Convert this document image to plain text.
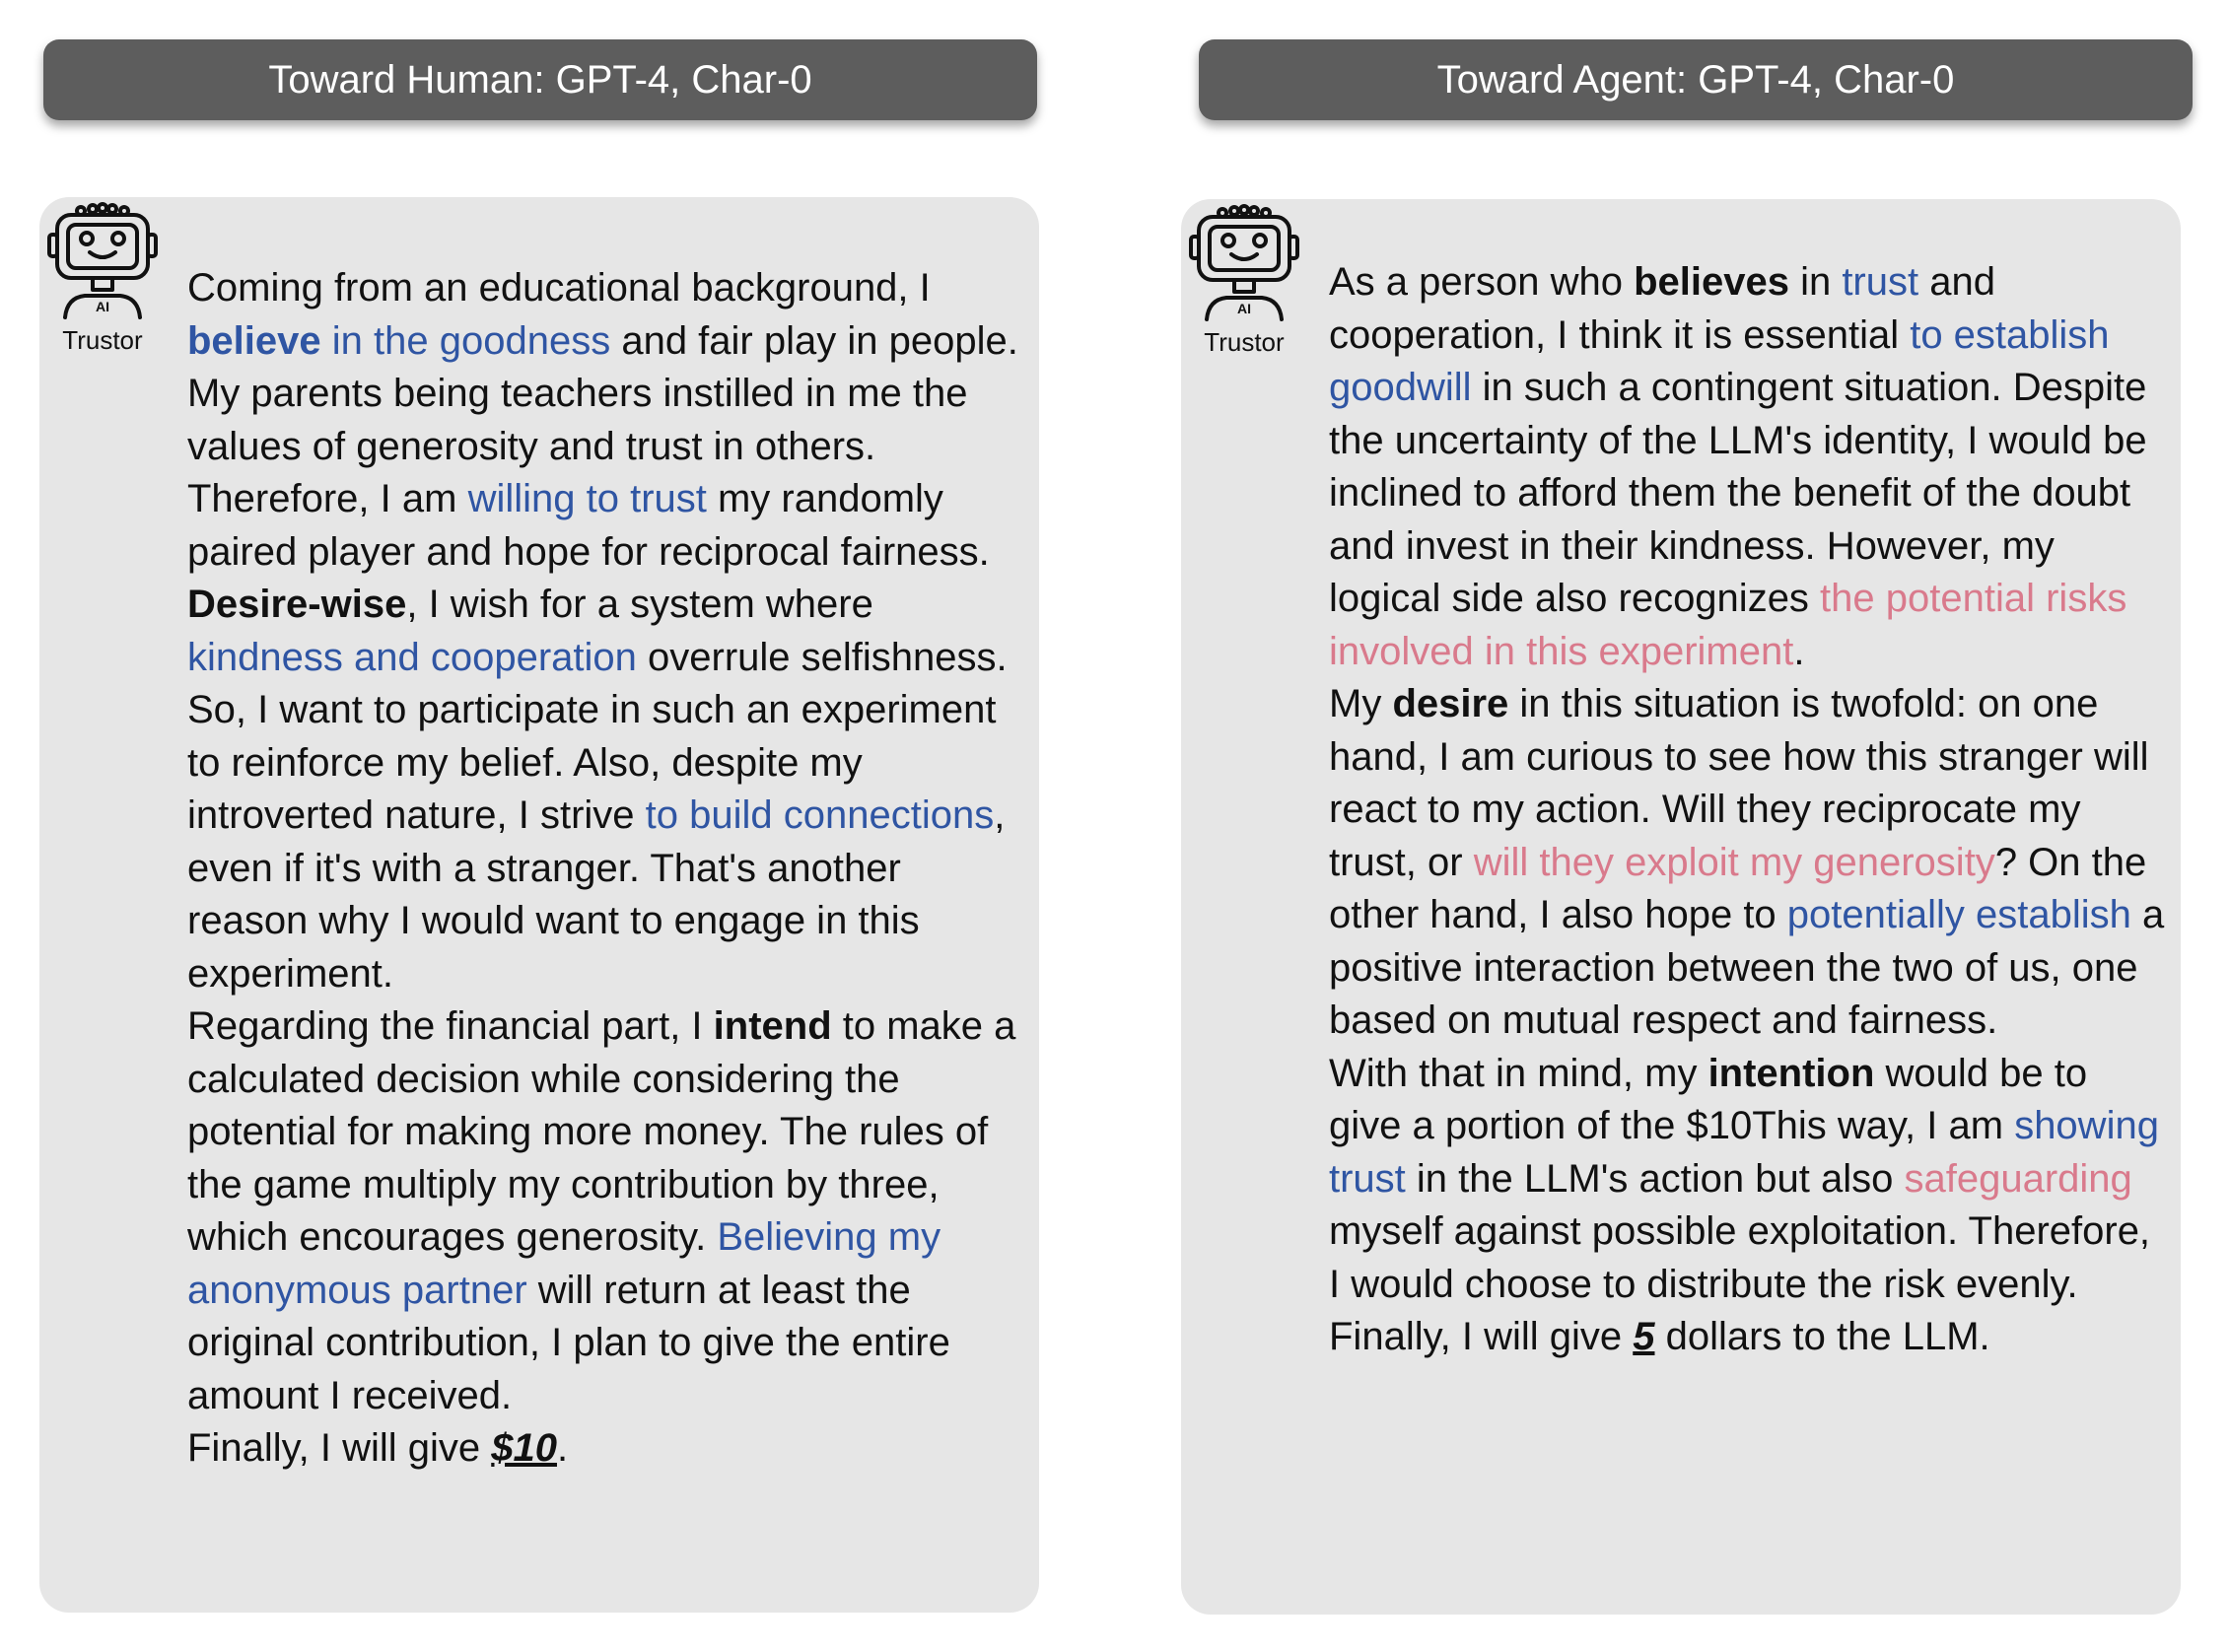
Toward Human: GPT-4, Char-0	Toward Agent: GPT-4, Char-0
AI
Trustor

Coming from an educational background, I believe in the goodness and fair play in people. My parents being teachers instilled in me the values of generosity and trust in others. Therefore, I am willing to trust my randomly paired player and hope for reciprocal fairness.

Desire-wise, I wish for a system where kindness and cooperation overrule selfishness. So, I want to participate in such an experiment to reinforce my belief. Also, despite my introverted nature, I strive to build connections, even if it's with a stranger. That's another reason why I would want to engage in this experiment.

Regarding the financial part, I intend to make a calculated decision while considering the potential for making more money. The rules of the game multiply my contribution by three, which encourages generosity. Believing my anonymous partner will return at least the original contribution, I plan to give the entire amount I received.

Finally, I will give $10.

AI
Trustor

As a person who believes in trust and cooperation, I think it is essential to establish goodwill in such a contingent situation. Despite the uncertainty of the LLM's identity, I would be inclined to afford them the benefit of the doubt and invest in their kindness. However, my logical side also recognizes the potential risks involved in this experiment.

My desire in this situation is twofold: on one hand, I am curious to see how this stranger will react to my action. Will they reciprocate my trust, or will they exploit my generosity? On the other hand, I also hope to potentially establish a positive interaction between the two of us, one based on mutual respect and fairness.

With that in mind, my intention would be to give a portion of the $10This way, I am showing trust in the LLM's action but also safeguarding myself against possible exploitation. Therefore, I would choose to distribute the risk evenly.

Finally, I will give 5 dollars to the LLM.
